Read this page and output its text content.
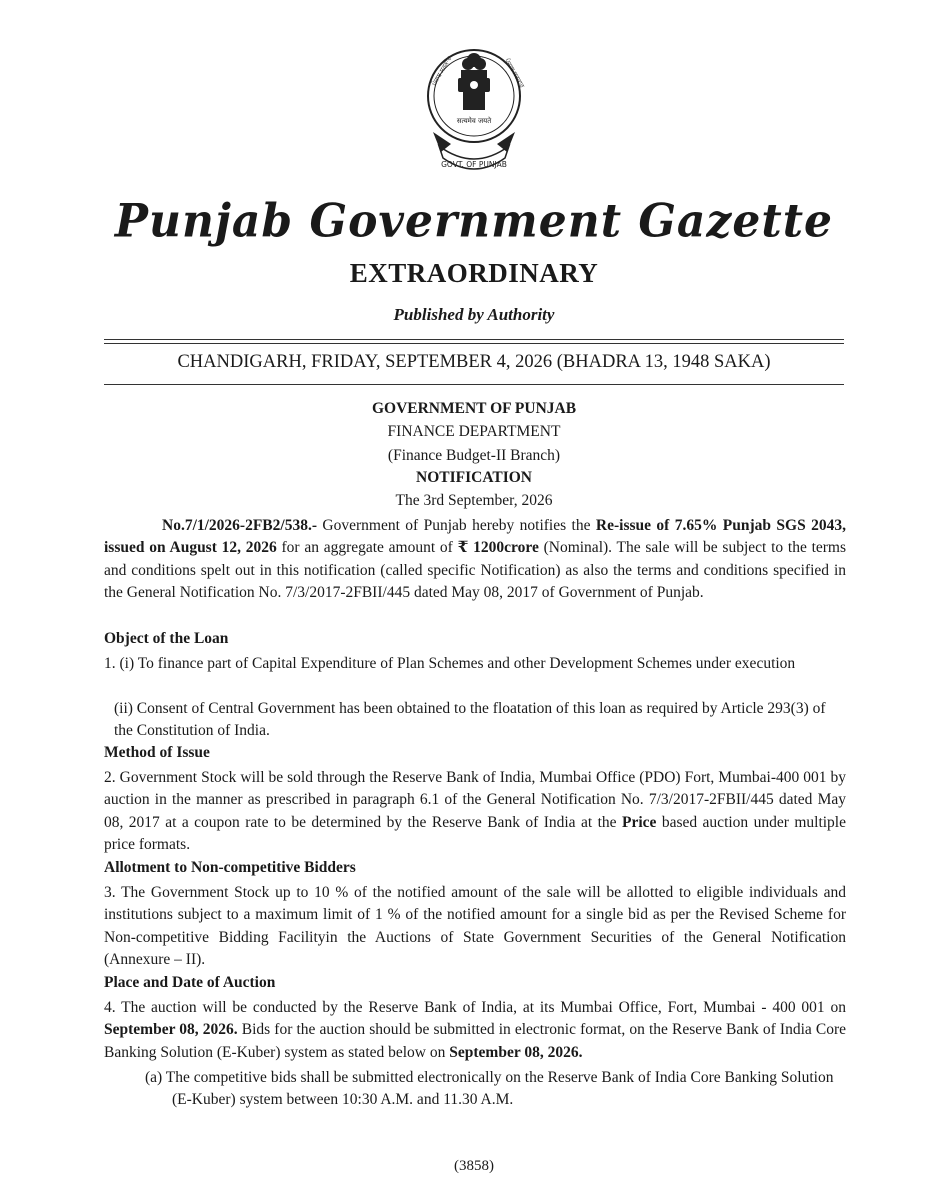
सत्यमेव जयते
GOVT. OF PUNJAB
ਪੰਜਾਬ ਸਰਕਾਰ	ਪੰਜਾਬ ਸਰਕਾਰ
Punjab Government Gazette
EXTRAORDINARY
Published by Authority
CHANDIGARH, FRIDAY, SEPTEMBER 4, 2026 (BHADRA 13, 1948 SAKA)
GOVERNMENT OF PUNJAB
FINANCE DEPARTMENT
(Finance Budget-II Branch)
NOTIFICATION
The 3rd September, 2026
No.7/1/2026-2FB2/538.- Government of Punjab hereby notifies the Re-issue of 7.65% Punjab SGS 2043, issued on August 12, 2026 for an aggregate amount of ₹ 1200crore (Nominal). The sale will be subject to the terms and conditions spelt out in this notification (called specific Notification) as also the terms and conditions specified in the General Notification No. 7/3/2017-2FBII/445 dated May 08, 2017 of Government of Punjab.
Object of the Loan
1. (i) To finance part of Capital Expenditure of Plan Schemes and other Development Schemes under execution
(ii) Consent of Central Government has been obtained to the floatation of this loan as required by Article 293(3) of the Constitution of India.
Method of Issue
2. Government Stock will be sold through the Reserve Bank of India, Mumbai Office (PDO) Fort, Mumbai-400 001 by auction in the manner as prescribed in paragraph 6.1 of the General Notification No. 7/3/2017-2FBII/445 dated May 08, 2017 at a coupon rate to be determined by the Reserve Bank of India at the Price based auction under multiple price formats.
Allotment to Non-competitive Bidders
3. The Government Stock up to 10 % of the notified amount of the sale will be allotted to eligible individuals and institutions subject to a maximum limit of 1 % of the notified amount for a single bid as per the Revised Scheme for Non-competitive Bidding Facilityin the Auctions of State Government Securities of the General Notification (Annexure – II).
Place and Date of Auction
4. The auction will be conducted by the Reserve Bank of India, at its Mumbai Office, Fort, Mumbai - 400 001 on September 08, 2026. Bids for the auction should be submitted in electronic format, on the Reserve Bank of India Core Banking Solution (E-Kuber) system as stated below on September 08, 2026.
(a) The competitive bids shall be submitted electronically on the Reserve Bank of India Core Banking Solution (E-Kuber) system between 10:30 A.M. and 11.30 A.M.
(3858)
